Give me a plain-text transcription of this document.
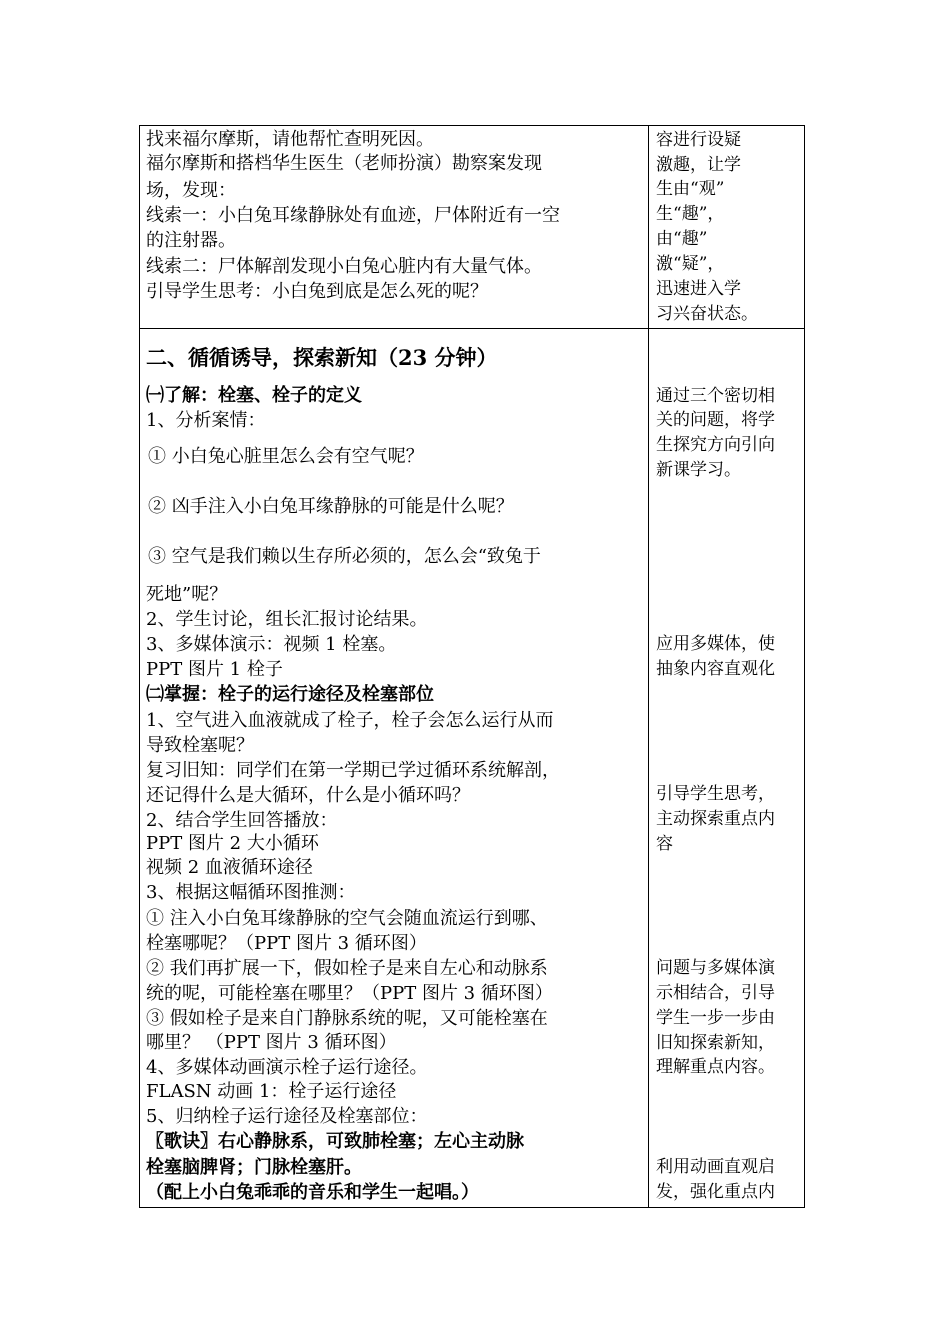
找来福尔摩斯，请他帮忙查明死因。
福尔摩斯和搭档华生医生（老师扮演）勘察案发现
场，发现：
线索一：小白兔耳缘静脉处有血迹，尸体附近有一空
的注射器。
线索二：尸体解剖发现小白兔心脏内有大量气体。
引导学生思考：小白兔到底是怎么死的呢？
容进行设疑
激趣，让学
生由“观”
生“趣”，
由“趣”
激“疑”，
迅速进入学
习兴奋状态。
二、循循诱导，探索新知（23 分钟）
㈠了解：栓塞、栓子的定义
1、分析案情：
① 小白兔心脏里怎么会有空气呢？
② 凶手注入小白兔耳缘静脉的可能是什么呢？
③ 空气是我们赖以生存所必须的，怎么会“致兔于
死地”呢？
2、学生讨论，组长汇报讨论结果。
3、多媒体演示：视频 1 栓塞。
PPT 图片 1 栓子
㈡掌握：栓子的运行途径及栓塞部位
1、空气进入血液就成了栓子，栓子会怎么运行从而
导致栓塞呢？
复习旧知：同学们在第一学期已学过循环系统解剖，
还记得什么是大循环，什么是小循环吗？
2、结合学生回答播放：
PPT 图片 2 大小循环
视频 2 血液循环途径
3、根据这幅循环图推测：
① 注入小白兔耳缘静脉的空气会随血流运行到哪、
栓塞哪呢？（PPT 图片 3 循环图）
② 我们再扩展一下，假如栓子是来自左心和动脉系
统的呢，可能栓塞在哪里？（PPT 图片 3 循环图）
③ 假如栓子是来自门静脉系统的呢，又可能栓塞在
哪里？ （PPT 图片 3 循环图）
4、多媒体动画演示栓子运行途径。
FLASN 动画 1：栓子运行途径
5、归纳栓子运行途径及栓塞部位：
〖歌诀〗右心静脉系，可致肺栓塞；左心主动脉
栓塞脑脾肾；门脉栓塞肝。
（配上小白兔乖乖的音乐和学生一起唱。）
通过三个密切相
关的问题，将学
生探究方向引向
新课学习。
应用多媒体，使
抽象内容直观化
引导学生思考，
主动探索重点内
容
问题与多媒体演
示相结合，引导
学生一步一步由
旧知探索新知，
理解重点内容。
利用动画直观启
发，强化重点内
